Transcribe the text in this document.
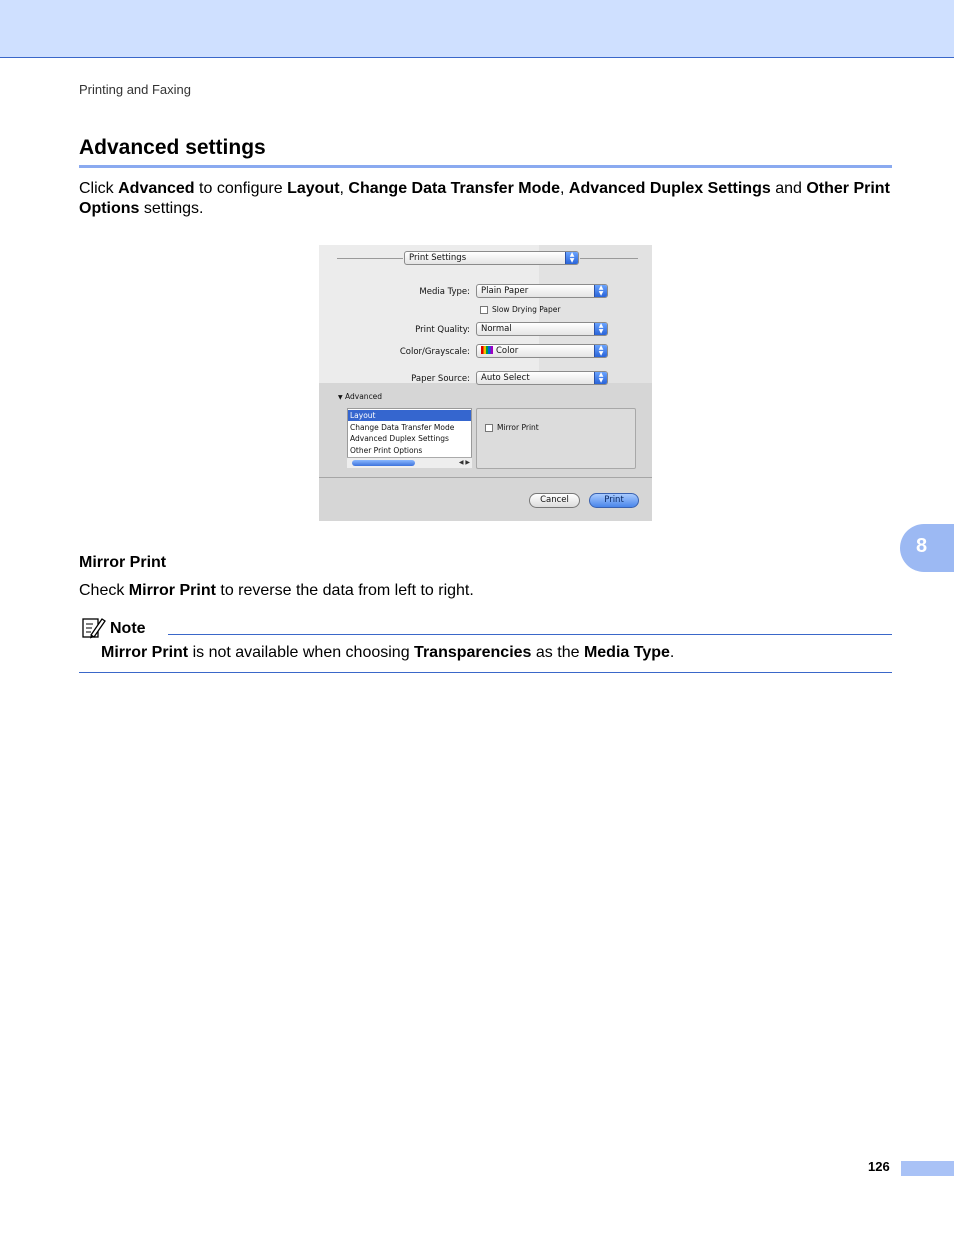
Printing and Faxing
Advanced settings

Click Advanced to configure Layout, Change Data Transfer Mode, Advanced Duplex Settings and Other Print Options settings.

Print Settings	▲
▼
Media Type:	Plain Paper	▲
▼
Slow Drying Paper
Print Quality:	Normal	▲
▼
Color/Grayscale:	Color	▲
▼
Paper Source:	Auto Select	▲
▼
▼ Advanced
Layout
Change Data Transfer Mode
Advanced Duplex Settings
Other Print Options
◀ ▶
Mirror Print
Cancel	Print
8
Mirror Print

Check Mirror Print to reverse the data from left to right.

Note

Mirror Print is not available when choosing Transparencies as the Media Type.

126
